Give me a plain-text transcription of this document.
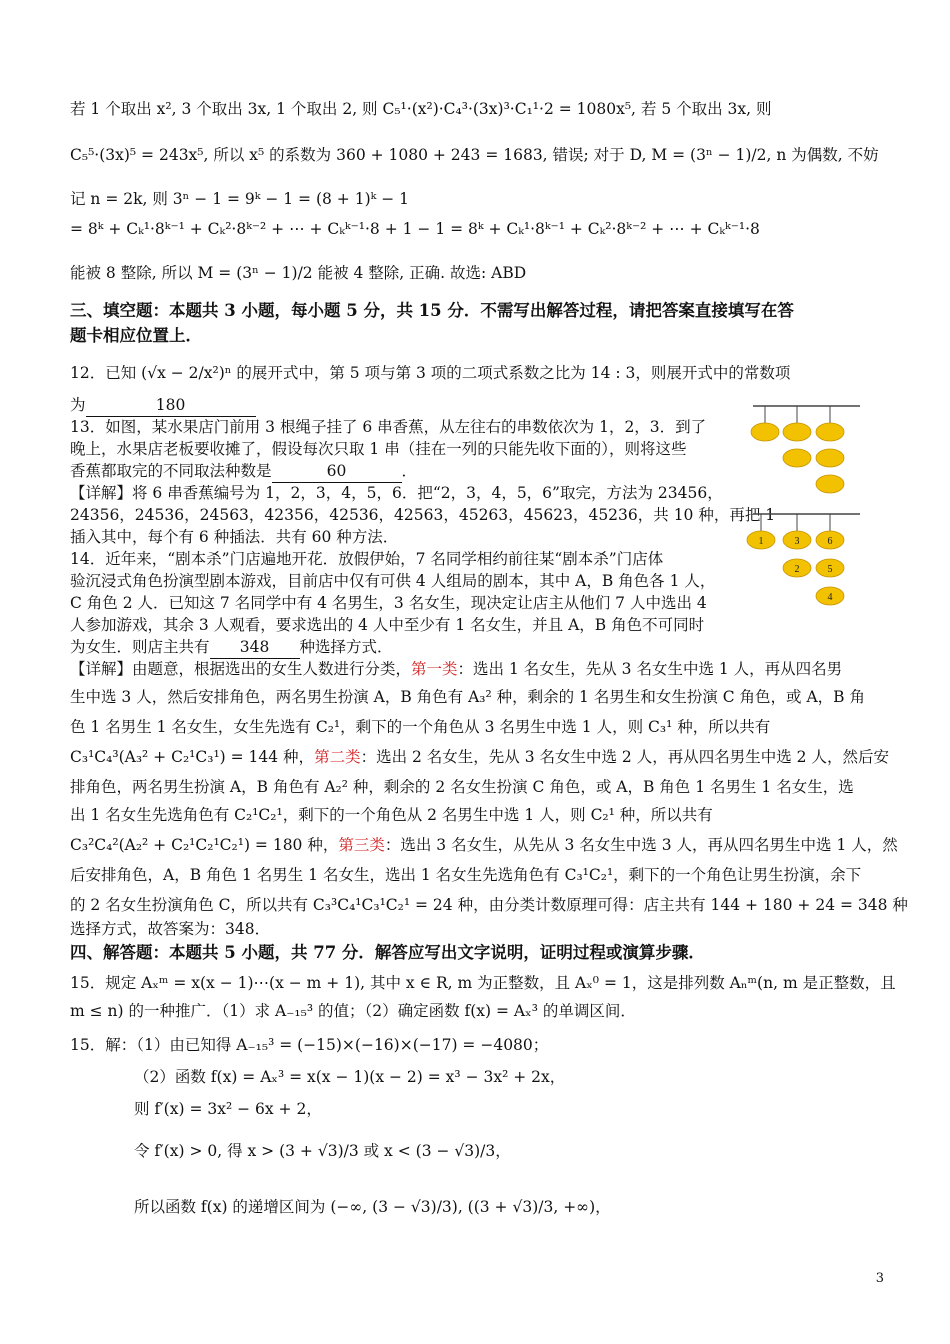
若 1 个取出 x², 3 个取出 3x, 1 个取出 2, 则 C₅¹·(x²)·C₄³·(3x)³·C₁¹·2 = 1080x⁵, 若 5 个取出 3x, 则
C₅⁵·(3x)⁵ = 243x⁵, 所以 x⁵ 的系数为 360 + 1080 + 243 = 1683, 错误; 对于 D, M = (3ⁿ − 1)/2, n 为偶数, 不妨
记 n = 2k, 则 3ⁿ − 1 = 9ᵏ − 1 = (8 + 1)ᵏ − 1
= 8ᵏ + Cₖ¹·8ᵏ⁻¹ + Cₖ²·8ᵏ⁻² + ⋯ + Cₖᵏ⁻¹·8 + 1 − 1 = 8ᵏ + Cₖ¹·8ᵏ⁻¹ + Cₖ²·8ᵏ⁻² + ⋯ + Cₖᵏ⁻¹·8
能被 8 整除, 所以 M = (3ⁿ − 1)/2 能被 4 整除, 正确. 故选: ABD
三、填空题：本题共 3 小题，每小题 5 分，共 15 分．不需写出解答过程，请把答案直接填写在答
题卡相应位置上．
12．已知 (√x − 2/x²)ⁿ 的展开式中，第 5 项与第 3 项的二项式系数之比为 14 : 3，则展开式中的常数项
为	180
13．如图，某水果店门前用 3 根绳子挂了 6 串香蕉，从左往右的串数依次为 1，2，3．到了
晚上，水果店老板要收摊了，假设每次只取 1 串（挂在一列的只能先收下面的），则将这些
香蕉都取完的不同取法种数是	60	．
【详解】将 6 串香蕉编号为 1，2，3，4，5，6．把“2，3，4，5，6”取完，方法为 23456，
24356，24536，24563，42356，42536，42563，45263，45623，45236，共 10 种，再把 1
插入其中，每个有 6 种插法．共有 60 种方法．	1	3
2
6
5
4
14．近年来，“剧本杀”门店遍地开花．放假伊始，7 名同学相约前往某“剧本杀”门店体
验沉浸式角色扮演型剧本游戏，目前店中仅有可供 4 人组局的剧本，其中 A，B 角色各 1 人，
C 角色 2 人．已知这 7 名同学中有 4 名男生，3 名女生，现决定让店主从他们 7 人中选出 4
人参加游戏，其余 3 人观看，要求选出的 4 人中至少有 1 名女生，并且 A，B 角色不可同时
为女生．则店主共有 348 种选择方式．
【详解】由题意，根据选出的女生人数进行分类，第一类：选出 1 名女生，先从 3 名女生中选 1 人，再从四名男
生中选 3 人，然后安排角色，两名男生扮演 A，B 角色有 A₃² 种，剩余的 1 名男生和女生扮演 C 角色，或 A，B 角
色 1 名男生 1 名女生，女生先选有 C₂¹，剩下的一个角色从 3 名男生中选 1 人，则 C₃¹ 种，所以共有
C₃¹C₄³(A₃² + C₂¹C₃¹) = 144 种，第二类：选出 2 名女生，先从 3 名女生中选 2 人，再从四名男生中选 2 人，然后安
排角色，两名男生扮演 A，B 角色有 A₂² 种，剩余的 2 名女生扮演 C 角色，或 A，B 角色 1 名男生 1 名女生，选
出 1 名女生先选角色有 C₂¹C₂¹，剩下的一个角色从 2 名男生中选 1 人，则 C₂¹ 种，所以共有
C₃²C₄²(A₂² + C₂¹C₂¹C₂¹) = 180 种，第三类：选出 3 名女生，从先从 3 名女生中选 3 人，再从四名男生中选 1 人，然
后安排角色，A，B 角色 1 名男生 1 名女生，选出 1 名女生先选角色有 C₃¹C₂¹，剩下的一个角色让男生扮演，余下
的 2 名女生扮演角色 C，所以共有 C₃³C₄¹C₃¹C₂¹ = 24 种，由分类计数原理可得：店主共有 144 + 180 + 24 = 348 种
选择方式，故答案为：348．
四、解答题：本题共 5 小题，共 77 分．解答应写出文字说明，证明过程或演算步骤．
15．规定 Aₓᵐ = x(x − 1)⋯(x − m + 1), 其中 x ∈ R, m 为正整数，且 Aₓ⁰ = 1，这是排列数 Aₙᵐ(n, m 是正整数，且
m ≤ n) 的一种推广．（1）求 A₋₁₅³ 的值；（2）确定函数 f(x) = Aₓ³ 的单调区间．
15．解：（1）由已知得 A₋₁₅³ = (−15)×(−16)×(−17) = −4080；
（2）函数 f(x) = Aₓ³ = x(x − 1)(x − 2) = x³ − 3x² + 2x，
则 f′(x) = 3x² − 6x + 2，
令 f′(x) > 0, 得 x > (3 + √3)/3 或 x < (3 − √3)/3，
所以函数 f(x) 的递增区间为 (−∞, (3 − √3)/3), ((3 + √3)/3, +∞)，
3
